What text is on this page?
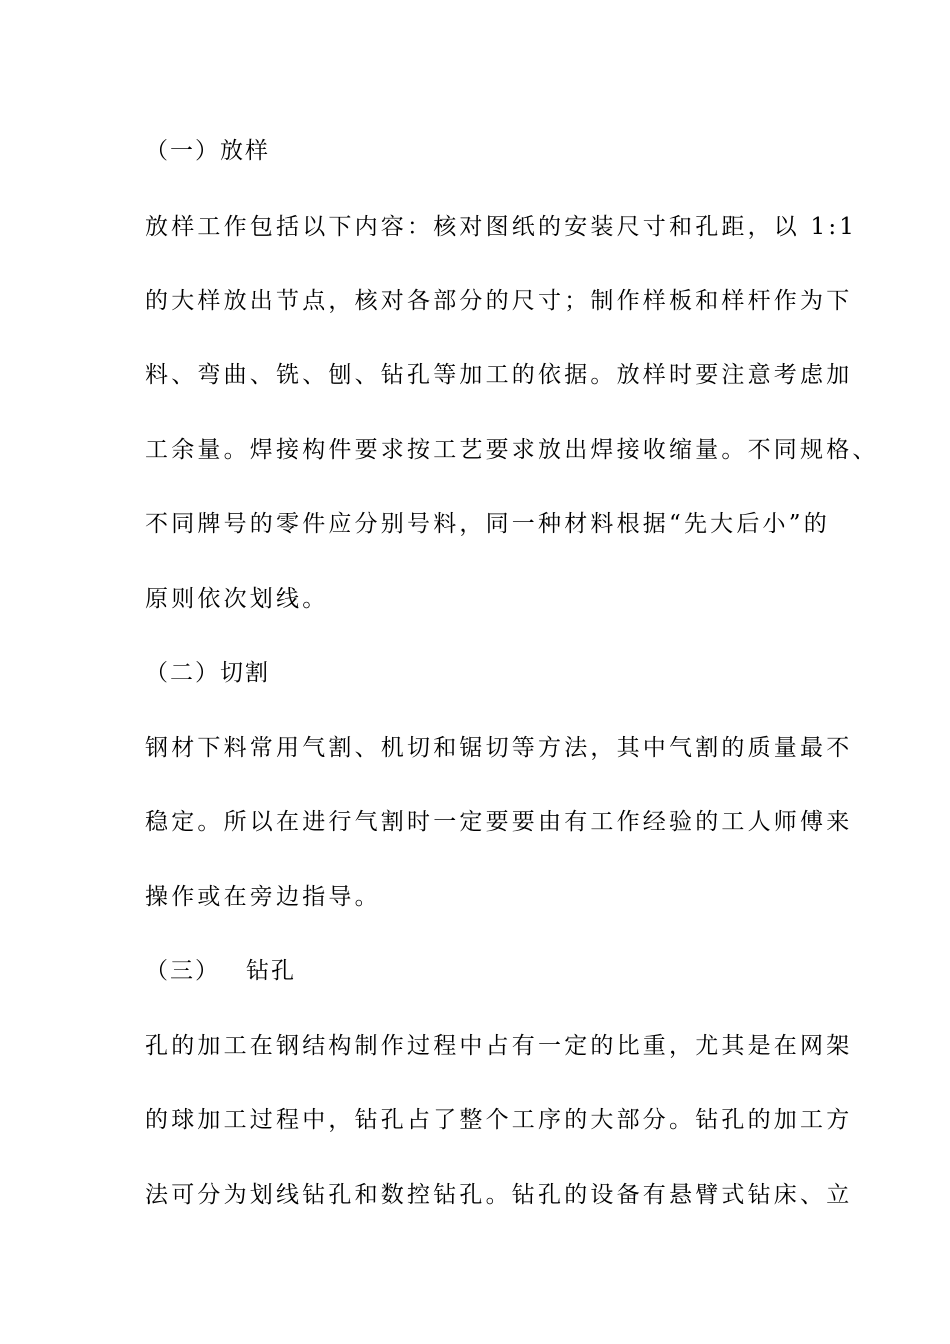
（一）放样
放样工作包括以下内容：核对图纸的安装尺寸和孔距，以 1:1
的大样放出节点，核对各部分的尺寸；制作样板和样杆作为下
料、弯曲、铣、刨、钻孔等加工的依据。放样时要注意考虑加
工余量。焊接构件要求按工艺要求放出焊接收缩量。不同规格、
不同牌号的零件应分别号料，同一种材料根据“先大后小”的
原则依次划线。
（二）切割
钢材下料常用气割、机切和锯切等方法，其中气割的质量最不
稳定。所以在进行气割时一定要要由有工作经验的工人师傅来
操作或在旁边指导。
（三） 钻孔
孔的加工在钢结构制作过程中占有一定的比重，尤其是在网架
的球加工过程中，钻孔占了整个工序的大部分。钻孔的加工方
法可分为划线钻孔和数控钻孔。钻孔的设备有悬臂式钻床、立
